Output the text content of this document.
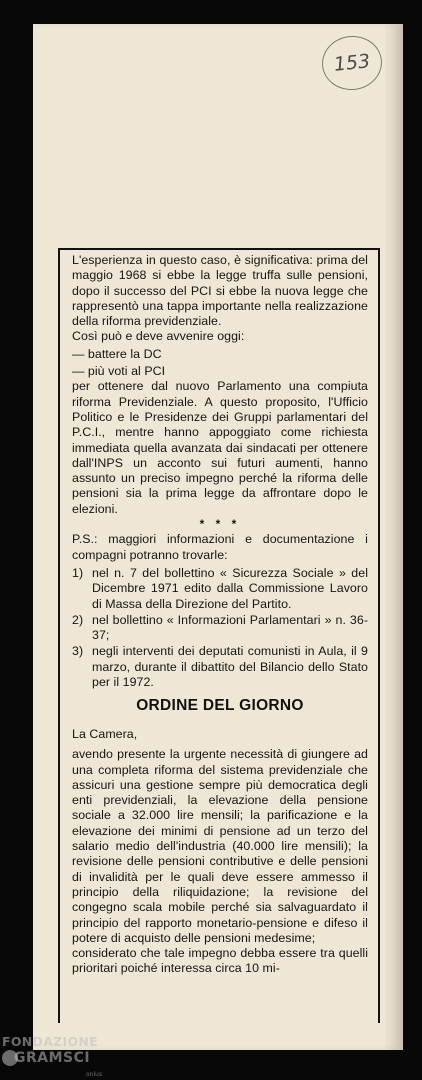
153

L'esperienza in questo caso, è significativa: prima del maggio 1968 si ebbe la legge truffa sulle pensioni, dopo il successo del PCI si ebbe la nuova legge che rappresentò una tappa importante nella realizzazione della riforma previdenziale.

Così può e deve avvenire oggi:

— battere la DC

— più voti al PCI

per ottenere dal nuovo Parlamento una compiuta riforma Previdenziale. A questo proposito, l'Ufficio Politico e le Presidenze dei Gruppi parlamentari del P.C.I., mentre hanno appoggiato come richiesta immediata quella avanzata dai sindacati per ottenere dall'INPS un acconto sui futuri aumenti, hanno assunto un preciso impegno perché la riforma delle pensioni sia la prima legge da affrontare dopo le elezioni.

* * *

P.S.: maggiori informazioni e documentazione i compagni potranno trovarle:

1) nel n. 7 del bollettino « Sicurezza Sociale » del Dicembre 1971 edito dalla Commissione Lavoro di Massa della Direzione del Partito.
2) nel bollettino « Informazioni Parlamentari » n. 36-37;
3) negli interventi dei deputati comunisti in Aula, il 9 marzo, durante il dibattito del Bilancio dello Stato per il 1972.
ORDINE DEL GIORNO

La Camera,

avendo presente la urgente necessità di giungere ad una completa riforma del sistema previdenziale che assicuri una gestione sempre più democratica degli enti previdenziali, la elevazione della pensione sociale a 32.000 lire mensili; la parificazione e la elevazione dei minimi di pensione ad un terzo del salario medio dell'industria (40.000 lire mensili); la revisione delle pensioni contributive e delle pensioni di invalidità per le quali deve essere ammesso il principio della riliquidazione; la revisione del congegno scala mobile perché sia salvaguardato il principio del rapporto monetario-pensione e difeso il potere di acquisto delle pensioni medesime;

considerato che tale impegno debba essere tra quelli prioritari poiché interessa circa 10 mi-

FONDAZIONE
GRAMSCI
onlus
